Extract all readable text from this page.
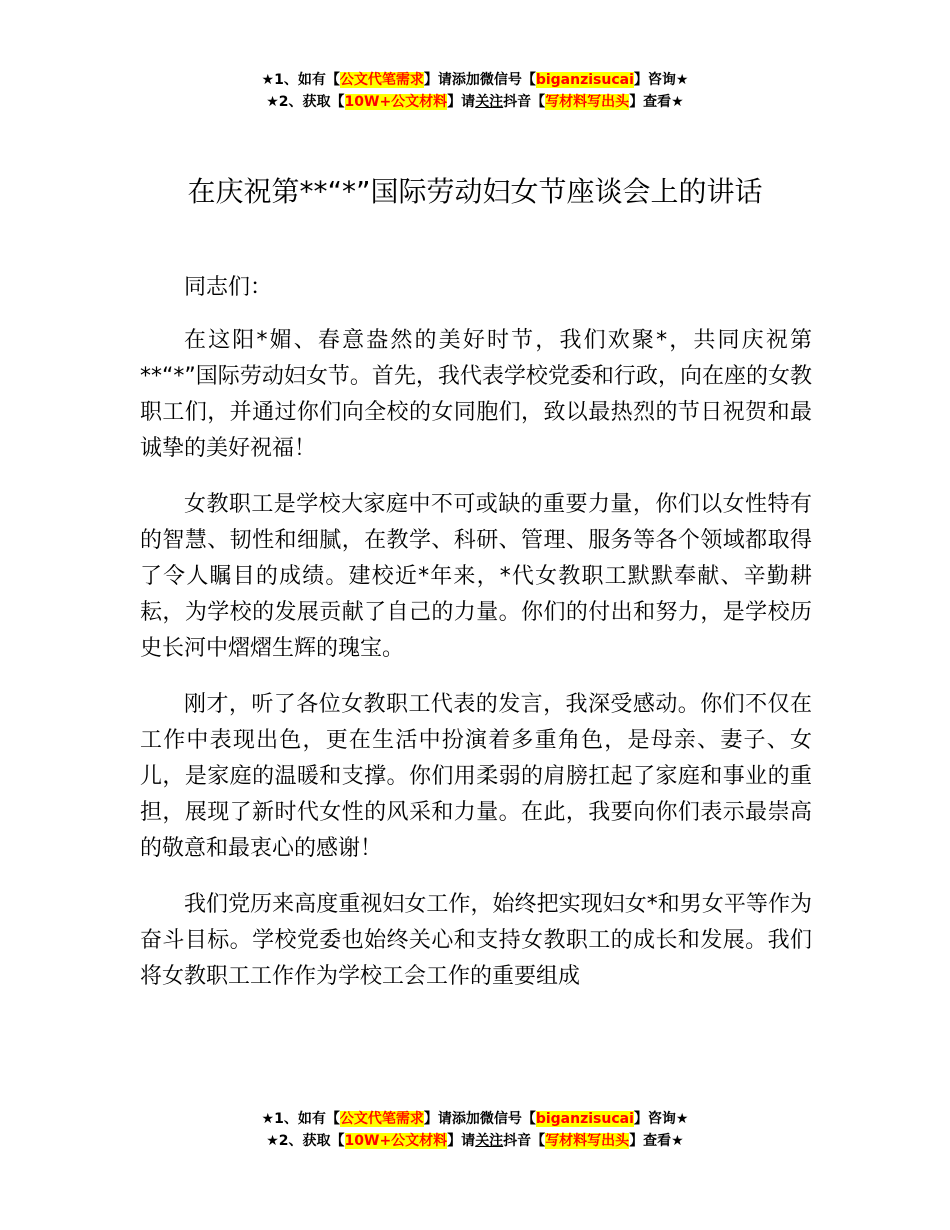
★1、如有【公文代笔需求】请添加微信号【biganzisucai】咨询★
★2、获取【10W+公文材料】请关注抖音【写材料写出头】查看★
在庆祝第**“*”国际劳动妇女节座谈会上的讲话

同志们：

在这阳*媚、春意盎然的美好时节，我们欢聚*，共同庆祝第**“*”国际劳动妇女节。首先，我代表学校党委和行政，向在座的女教职工们，并通过你们向全校的女同胞们，致以最热烈的节日祝贺和最诚挚的美好祝福！

女教职工是学校大家庭中不可或缺的重要力量，你们以女性特有的智慧、韧性和细腻，在教学、科研、管理、服务等各个领域都取得了令人瞩目的成绩。建校近*年来，*代女教职工默默奉献、辛勤耕耘，为学校的发展贡献了自己的力量。你们的付出和努力，是学校历史长河中熠熠生辉的瑰宝。

刚才，听了各位女教职工代表的发言，我深受感动。你们不仅在工作中表现出色，更在生活中扮演着多重角色，是母亲、妻子、女儿，是家庭的温暖和支撑。你们用柔弱的肩膀扛起了家庭和事业的重担，展现了新时代女性的风采和力量。在此，我要向你们表示最崇高的敬意和最衷心的感谢！

我们党历来高度重视妇女工作，始终把实现妇女*和男女平等作为奋斗目标。学校党委也始终关心和支持女教职工的成长和发展。我们将女教职工工作作为学校工会工作的重要组成

★1、如有【公文代笔需求】请添加微信号【biganzisucai】咨询★
★2、获取【10W+公文材料】请关注抖音【写材料写出头】查看★
